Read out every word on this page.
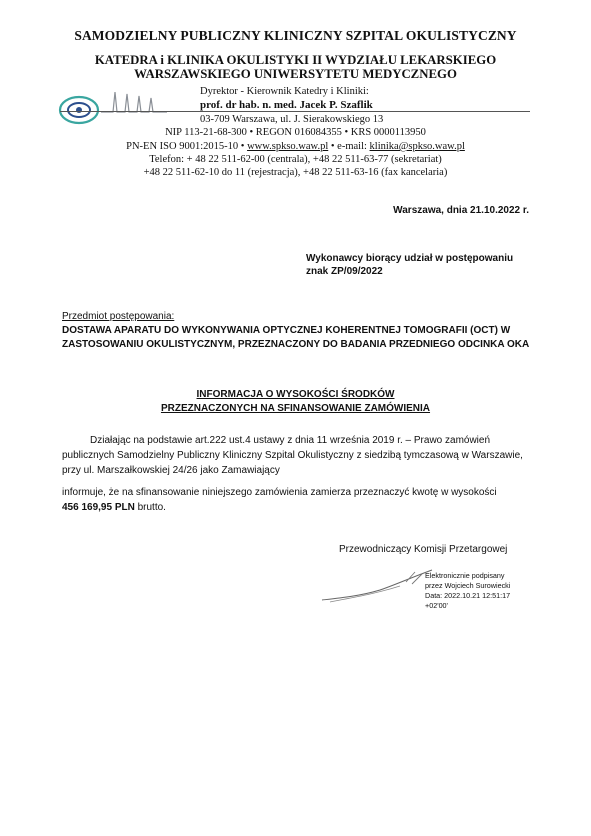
SAMODZIELNY PUBLICZNY KLINICZNY SZPITAL OKULISTYCZNY
KATEDRA i KLINIKA OKULISTYKI II WYDZIAŁU LEKARSKIEGO
WARSZAWSKIEGO UNIWERSYTETU MEDYCZNEGO
Dyrektor - Kierownik Katedry i Kliniki:
prof. dr hab. n. med. Jacek P. Szaflik
03-709 Warszawa, ul. J. Sierakowskiego 13
NIP 113-21-68-300 • REGON 016084355 • KRS 0000113950
PN-EN ISO 9001:2015-10 • www.spkso.waw.pl • e-mail: klinika@spkso.waw.pl
Telefon: + 48 22 511-62-00 (centrala), +48 22 511-63-77 (sekretariat)
+48 22 511-62-10 do 11 (rejestracja), +48 22 511-63-16 (fax kancelaria)
Warszawa, dnia 21.10.2022 r.
Wykonawcy biorący udział w postępowaniu
znak ZP/09/2022
Przedmiot postępowania:
DOSTAWA APARATU DO WYKONYWANIA OPTYCZNEJ KOHERENTNEJ TOMOGRAFII (OCT) W ZASTOSOWANIU OKULISTYCZNYM, PRZEZNACZONY DO BADANIA PRZEDNIEGO ODCINKA OKA
INFORMACJA O WYSOKOŚCI ŚRODKÓW
PRZEZNACZONYCH NA SFINANSOWANIE ZAMÓWIENIA
Działając na podstawie art.222 ust.4 ustawy z dnia 11 września 2019 r. – Prawo zamówień
publicznych Samodzielny Publiczny Kliniczny Szpital Okulistyczny z siedzibą tymczasową w Warszawie,
przy ul. Marszałkowskiej 24/26 jako Zamawiający
informuje, że na sfinansowanie niniejszego zamówienia zamierza przeznaczyć kwotę w wysokości
456 169,95 PLN brutto.
Przewodniczący Komisji Przetargowej
Elektronicznie podpisany
przez Wojciech Surowiecki
Data: 2022.10.21 12:51:17
+02'00'
